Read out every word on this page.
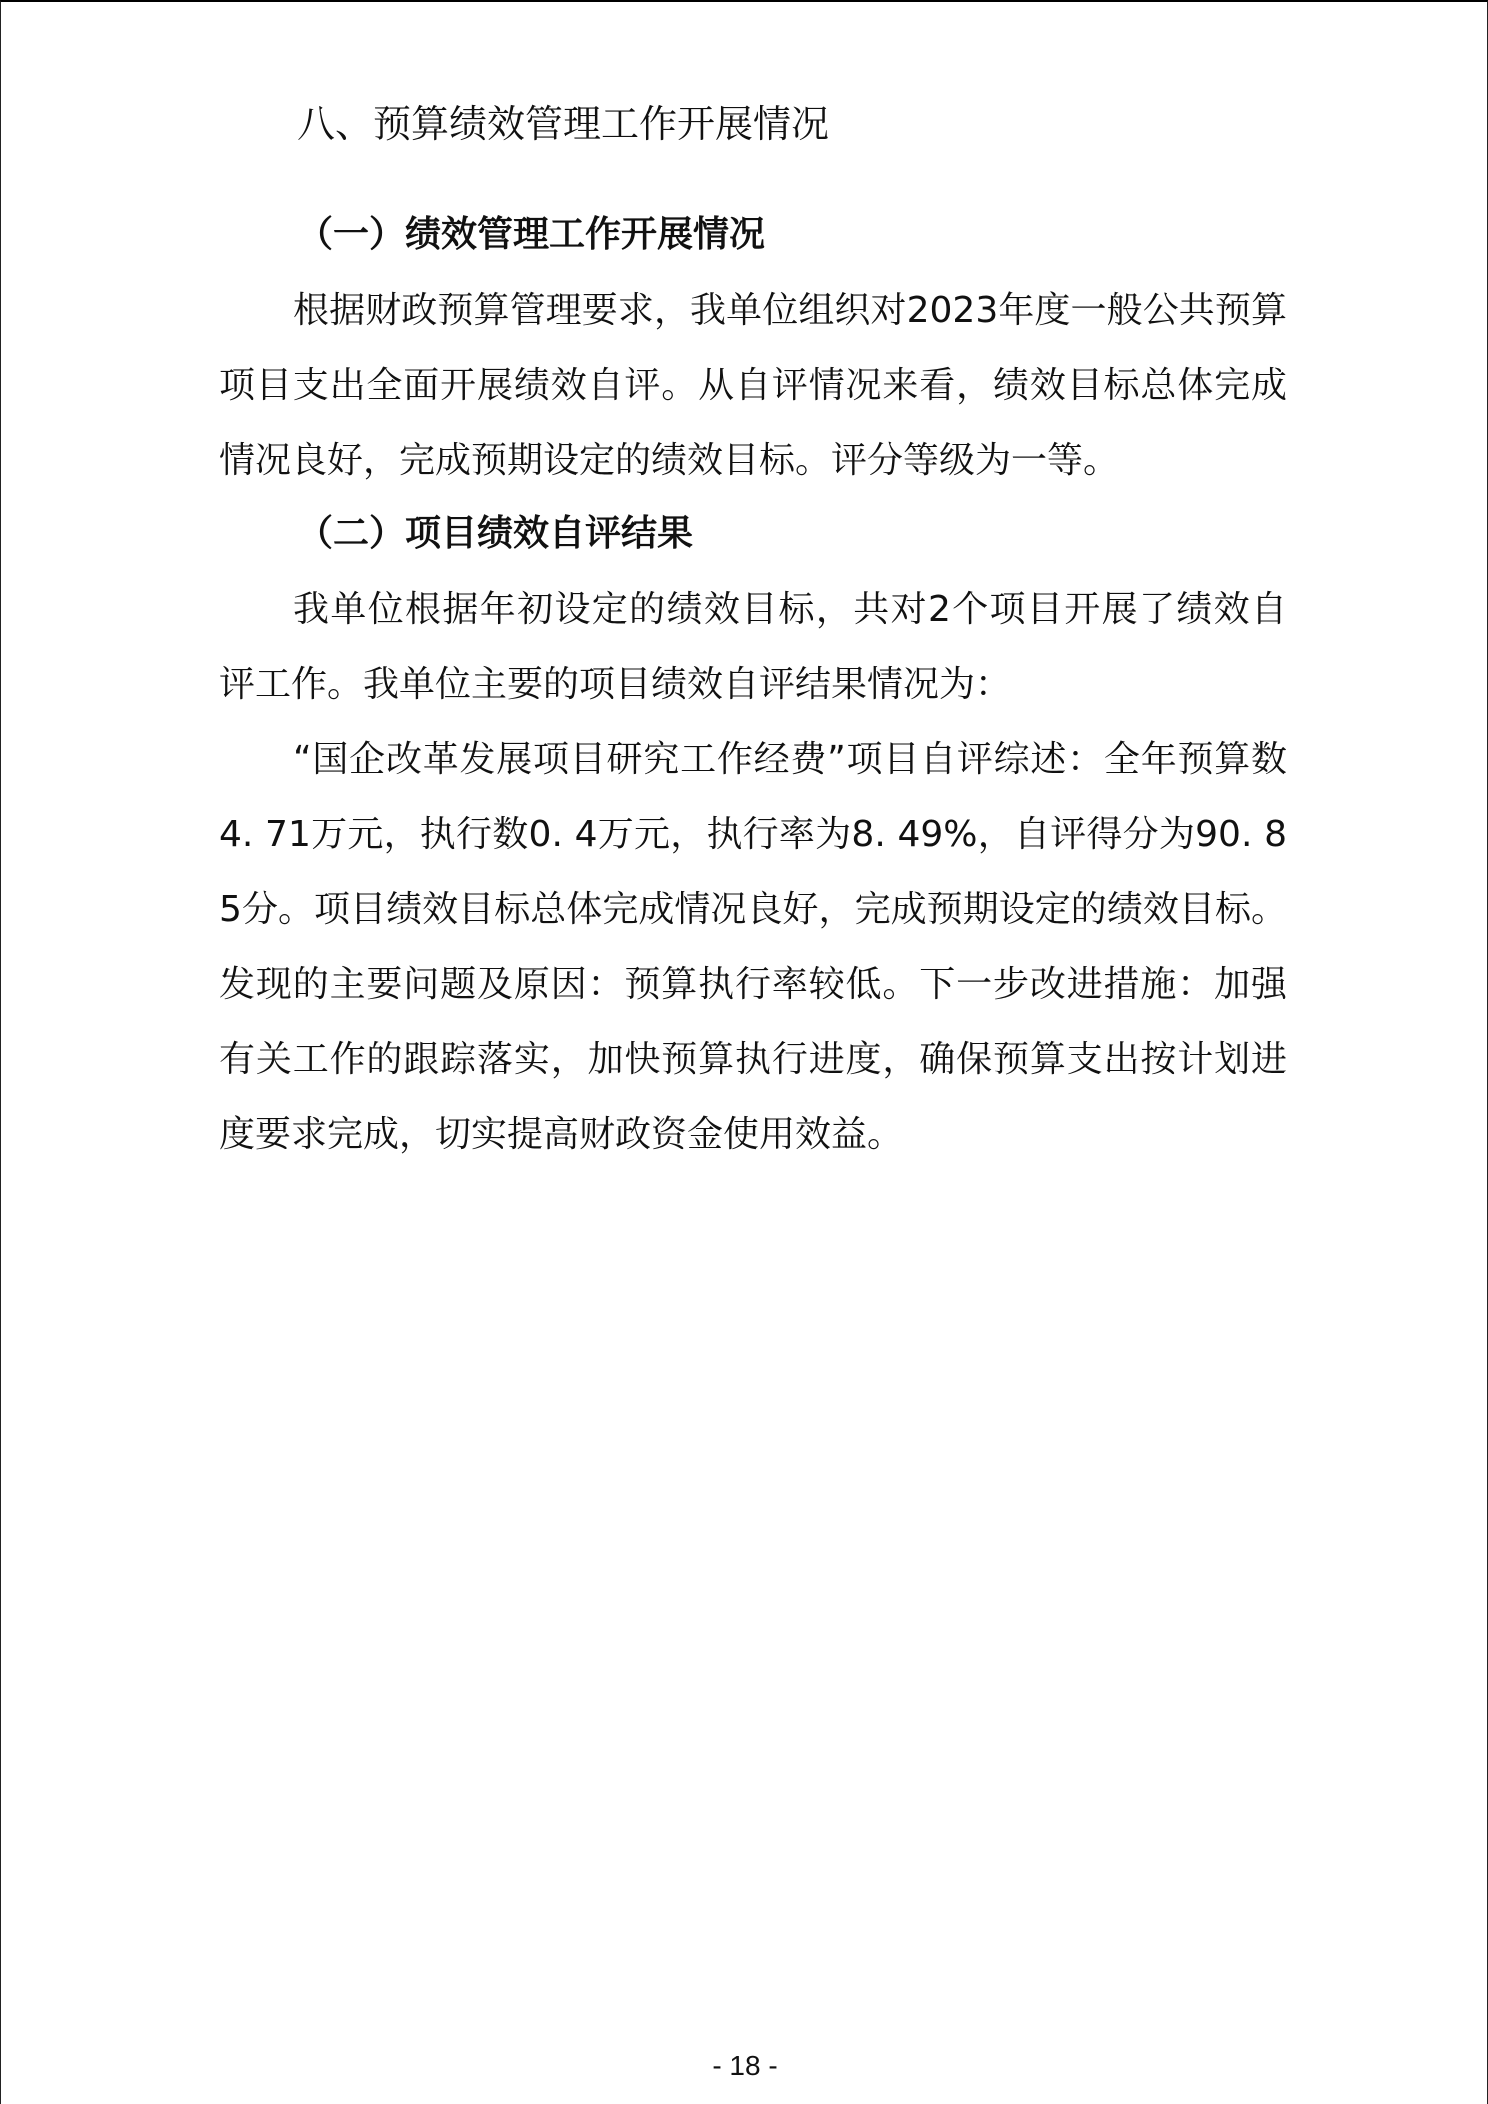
八、预算绩效管理工作开展情况
（一）绩效管理工作开展情况

根据财政预算管理要求，我单位组织对2023年度一般公共预算项目支出全面开展绩效自评。从自评情况来看，绩效目标总体完成情况良好，完成预期设定的绩效目标。评分等级为一等。

（二）项目绩效自评结果

我单位根据年初设定的绩效目标，共对2个项目开展了绩效自评工作。我单位主要的项目绩效自评结果情况为：

“国企改革发展项目研究工作经费”项目自评综述：全年预算数4. 71万元，执行数0. 4万元，执行率为8. 49%，自评得分为90. 85分。项目绩效目标总体完成情况良好，完成预期设定的绩效目标。发现的主要问题及原因：预算执行率较低。下一步改进措施：加强有关工作的跟踪落实，加快预算执行进度，确保预算支出按计划进度要求完成，切实提高财政资金使用效益。

- 18 -
